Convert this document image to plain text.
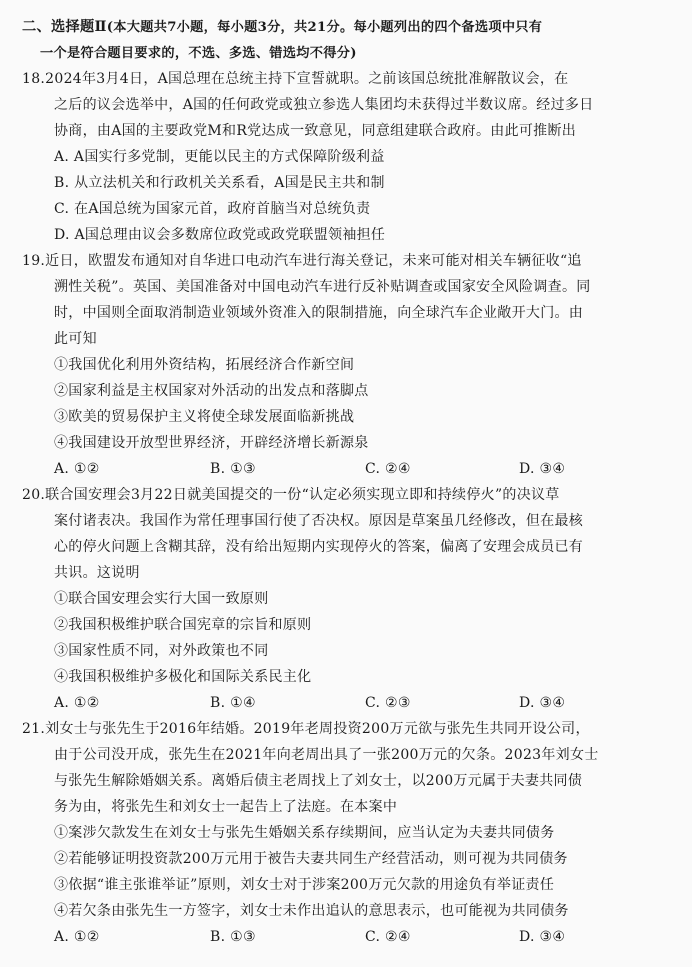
二、选择题Ⅱ(本大题共7小题，每小题3分，共21分。每小题列出的四个备选项中只有
一个是符合题目要求的，不选、多选、错选均不得分)
18.2024年3月4日，A国总理在总统主持下宣誓就职。之前该国总统批准解散议会，在
之后的议会选举中，A国的任何政党或独立参选人集团均未获得过半数议席。经过多日
协商，由A国的主要政党M和R党达成一致意见，同意组建联合政府。由此可推断出
A. A国实行多党制，更能以民主的方式保障阶级利益
B. 从立法机关和行政机关关系看，A国是民主共和制
C. 在A国总统为国家元首，政府首脑当对总统负责
D. A国总理由议会多数席位政党或政党联盟领袖担任
19.近日，欧盟发布通知对自华进口电动汽车进行海关登记，未来可能对相关车辆征收“追
溯性关税”。英国、美国准备对中国电动汽车进行反补贴调查或国家安全风险调查。同
时，中国则全面取消制造业领域外资准入的限制措施，向全球汽车企业敞开大门。由
此可知
①我国优化利用外资结构，拓展经济合作新空间
②国家利益是主权国家对外活动的出发点和落脚点
③欧美的贸易保护主义将使全球发展面临新挑战
④我国建设开放型世界经济，开辟经济增长新源泉
A. ①②	B. ①③	C. ②④	D. ③④
20.联合国安理会3月22日就美国提交的一份“认定必须实现立即和持续停火”的决议草
案付诸表决。我国作为常任理事国行使了否决权。原因是草案虽几经修改，但在最核
心的停火问题上含糊其辞，没有给出短期内实现停火的答案，偏离了安理会成员已有
共识。这说明
①联合国安理会实行大国一致原则
②我国积极维护联合国宪章的宗旨和原则
③国家性质不同，对外政策也不同
④我国积极维护多极化和国际关系民主化
A. ①②	B. ①④	C. ②③	D. ③④
21.刘女士与张先生于2016年结婚。2019年老周投资200万元欲与张先生共同开设公司，
由于公司没开成，张先生在2021年向老周出具了一张200万元的欠条。2023年刘女士
与张先生解除婚姻关系。离婚后债主老周找上了刘女士，以200万元属于夫妻共同债
务为由，将张先生和刘女士一起告上了法庭。在本案中
①案涉欠款发生在刘女士与张先生婚姻关系存续期间，应当认定为夫妻共同债务
②若能够证明投资款200万元用于被告夫妻共同生产经营活动，则可视为共同债务
③依据“谁主张谁举证”原则，刘女士对于涉案200万元欠款的用途负有举证责任
④若欠条由张先生一方签字，刘女士未作出追认的意思表示，也可能视为共同债务
A. ①②	B. ①③	C. ②④	D. ③④
